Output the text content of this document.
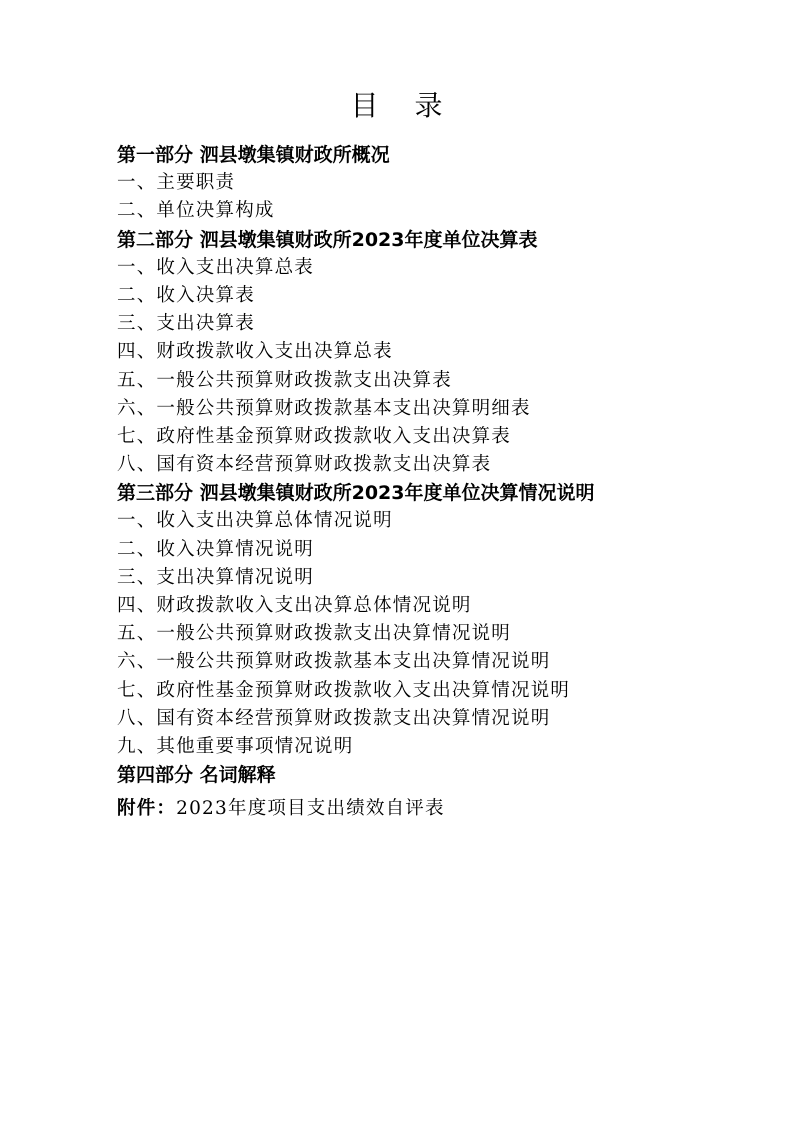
目录
第一部分 泗县墩集镇财政所概况
一、主要职责
二、单位决算构成
第二部分 泗县墩集镇财政所2023年度单位决算表
一、收入支出决算总表
二、收入决算表
三、支出决算表
四、财政拨款收入支出决算总表
五、一般公共预算财政拨款支出决算表
六、一般公共预算财政拨款基本支出决算明细表
七、政府性基金预算财政拨款收入支出决算表
八、国有资本经营预算财政拨款支出决算表
第三部分 泗县墩集镇财政所2023年度单位决算情况说明
一、收入支出决算总体情况说明
二、收入决算情况说明
三、支出决算情况说明
四、财政拨款收入支出决算总体情况说明
五、一般公共预算财政拨款支出决算情况说明
六、一般公共预算财政拨款基本支出决算情况说明
七、政府性基金预算财政拨款收入支出决算情况说明
八、国有资本经营预算财政拨款支出决算情况说明
九、其他重要事项情况说明
第四部分 名词解释
附件：2023年度项目支出绩效自评表
